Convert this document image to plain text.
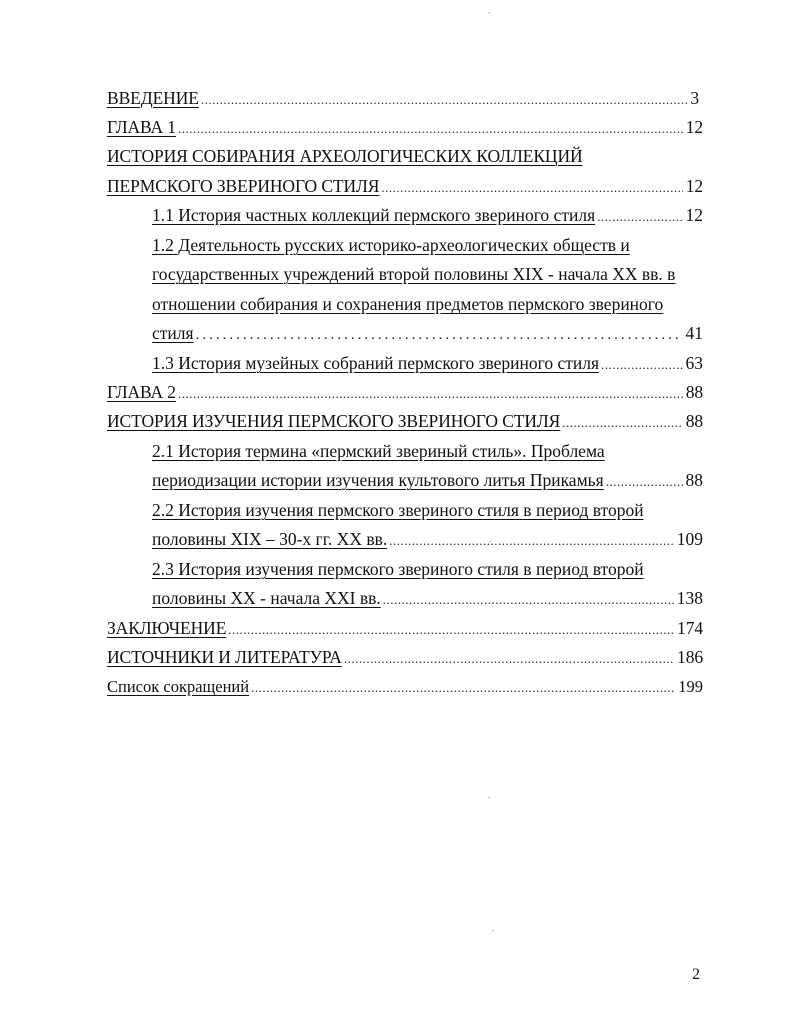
ВВЕДЕНИЕ .....	3
ГЛАВА 1 .....	12
ИСТОРИЯ СОБИРАНИЯ АРХЕОЛОГИЧЕСКИХ КОЛЛЕКЦИЙ
ПЕРМСКОГО ЗВЕРИНОГО СТИЛЯ .....	12
1.1 История частных коллекций пермского звериного стиля .....	12
1.2 Деятельность русских историко-археологических обществ и
государственных учреждений второй половины XIX - начала XX вв. в
отношении собирания и сохранения предметов пермского звериного
стиля .....	41
1.3 История музейных собраний пермского звериного стиля .....	63
ГЛАВА 2 .....	88
ИСТОРИЯ ИЗУЧЕНИЯ ПЕРМСКОГО ЗВЕРИНОГО СТИЛЯ .....	88
2.1 История термина «пермский звериный стиль». Проблема
периодизации истории изучения культового литья Прикамья .....	88
2.2 История изучения пермского звериного стиля в период второй
половины XIX – 30-х гг. XX вв. .....	109
2.3 История изучения пермского звериного стиля в период второй
половины XX - начала XXI вв. .....	138
ЗАКЛЮЧЕНИЕ .....	174
ИСТОЧНИКИ И ЛИТЕРАТУРА .....	186
Список сокращений .....	199
2
